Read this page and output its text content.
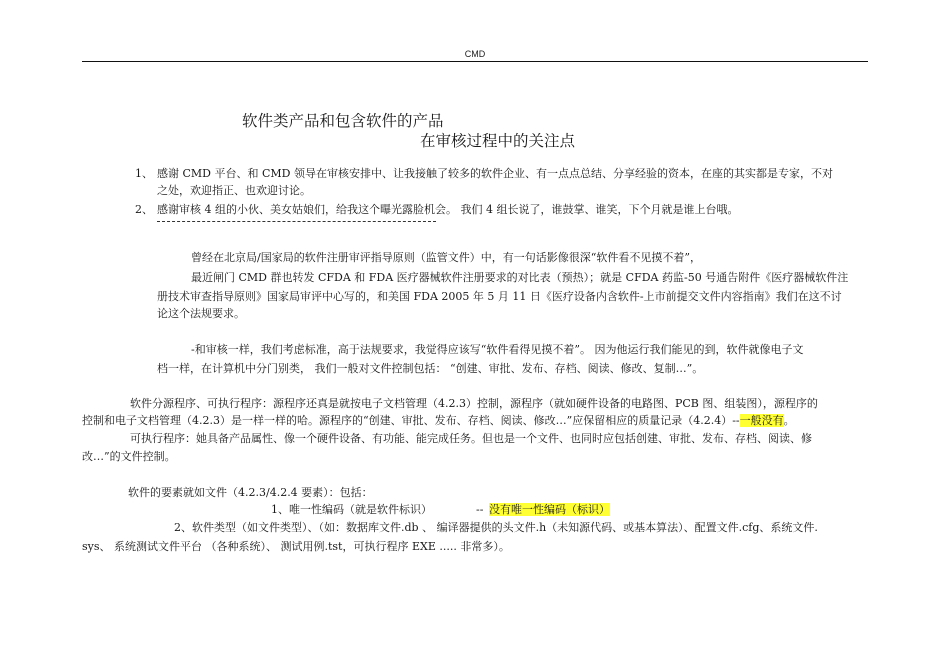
CMD
软件类产品和包含软件的产品
在审核过程中的关注点
1、 感谢 CMD 平台、和 CMD 领导在审核安排中、让我接触了较多的软件企业、有一点点总结、分享经验的资本，在座的其实都是专家，不对
之处，欢迎指正、也欢迎讨论。
2、 感谢审核 4 组的小伙、美女姑娘们，给我这个曝光露脸机会。 我们 4 组长说了，谁鼓掌、谁笑，下个月就是谁上台哦。
曾经在北京局/国家局的软件注册审评指导原则（监管文件）中，有一句话影像很深“软件看不见摸不着”，
最近闸门 CMD 群也转发 CFDA 和 FDA 医疗器械软件注册要求的对比表（预热）；就是 CFDA 药监-50 号通告附件《医疗器械软件注
册技术审查指导原则》国家局审评中心写的，和美国 FDA 2005 年 5 月 11 日《医疗设备内含软件-上市前提交文件内容指南》我们在这不讨
论这个法规要求。
-和审核一样，我们考虑标准，高于法规要求，我觉得应该写“软件看得见摸不着”。 因为他运行我们能见的到，软件就像电子文
档一样，在计算机中分门别类， 我们一般对文件控制包括： “创建、审批、发布、存档、阅读、修改、复制…”。
软件分源程序、可执行程序：源程序还真是就按电子文档管理（4.2.3）控制，源程序（就如硬件设备的电路图、PCB 图、组装图），源程序的
控制和电子文档管理（4.2.3）是一样一样的哈。源程序的“创建、审批、发布、存档、阅读、修改…”应保留相应的质量记录（4.2.4）--一般没有。
可执行程序：她具备产品属性、像一个硬件设备、有功能、能完成任务。但也是一个文件、也同时应包括创建、审批、发布、存档、阅读、修
改…”的文件控制。
软件的要素就如文件（4.2.3/4.2.4 要素）：包括：
1、唯一性编码（就是软件标识）	-- 没有唯一性编码（标识）
2、软件类型（如文件类型）、（如：数据库文件.db 、 编译器提供的头文件.h（未知源代码、或基本算法）、配置文件.cfg、系统文件.
sys、 系统测试文件平台 （各种系统）、 测试用例.tst，可执行程序 EXE ..... 非常多）。
